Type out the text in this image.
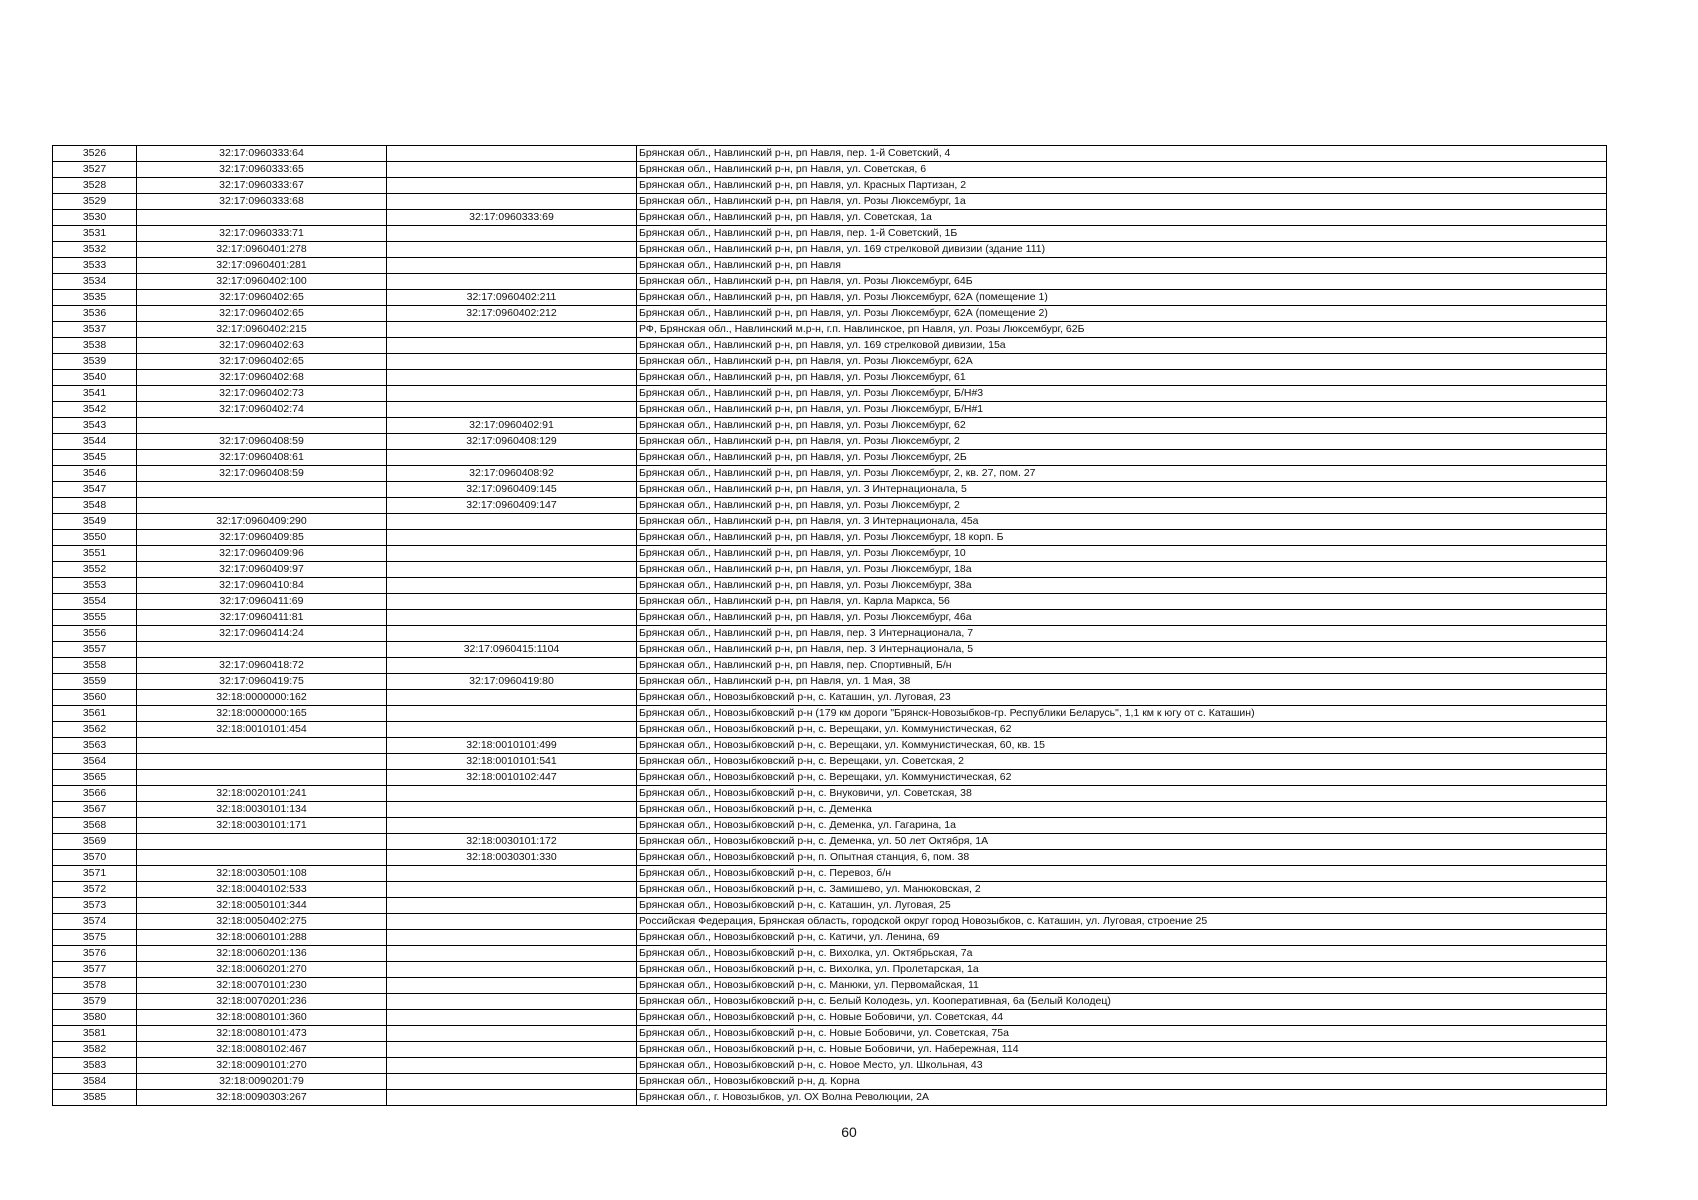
3526	32:17:0960333:64		Брянская обл., Навлинский р-н, рп Навля, пер. 1-й Советский, 4
3527	32:17:0960333:65		Брянская обл., Навлинский р-н, рп Навля, ул. Советская, 6
3528	32:17:0960333:67		Брянская обл., Навлинский р-н, рп Навля, ул. Красных Партизан, 2
3529	32:17:0960333:68		Брянская обл., Навлинский р-н, рп Навля, ул. Розы Люксембург, 1а
3530		32:17:0960333:69	Брянская обл., Навлинский р-н, рп Навля, ул. Советская, 1а
3531	32:17:0960333:71		Брянская обл., Навлинский р-н, рп Навля, пер. 1-й Советский, 1Б
3532	32:17:0960401:278		Брянская обл., Навлинский р-н, рп Навля, ул. 169 стрелковой дивизии (здание 111)
3533	32:17:0960401:281		Брянская обл., Навлинский р-н, рп Навля
3534	32:17:0960402:100		Брянская обл., Навлинский р-н, рп Навля, ул. Розы Люксембург, 64Б
3535	32:17:0960402:65	32:17:0960402:211	Брянская обл., Навлинский р-н, рп Навля, ул. Розы Люксембург, 62А (помещение 1)
3536	32:17:0960402:65	32:17:0960402:212	Брянская обл., Навлинский р-н, рп Навля, ул. Розы Люксембург, 62А (помещение 2)
3537	32:17:0960402:215		РФ, Брянская обл., Навлинский м.р-н, г.п. Навлинское, рп Навля, ул. Розы Люксембург, 62Б
3538	32:17:0960402:63		Брянская обл., Навлинский р-н, рп Навля, ул. 169 стрелковой дивизии, 15а
3539	32:17:0960402:65		Брянская обл., Навлинский р-н, рп Навля, ул. Розы Люксембург, 62А
3540	32:17:0960402:68		Брянская обл., Навлинский р-н, рп Навля, ул. Розы Люксембург, 61
3541	32:17:0960402:73		Брянская обл., Навлинский р-н, рп Навля, ул. Розы Люксембург, Б/Н#3
3542	32:17:0960402:74		Брянская обл., Навлинский р-н, рп Навля, ул. Розы Люксембург, Б/Н#1
3543		32:17:0960402:91	Брянская обл., Навлинский р-н, рп Навля, ул. Розы Люксембург, 62
3544	32:17:0960408:59	32:17:0960408:129	Брянская обл., Навлинский р-н, рп Навля, ул. Розы Люксембург, 2
3545	32:17:0960408:61		Брянская обл., Навлинский р-н, рп Навля, ул. Розы Люксембург, 2Б
3546	32:17:0960408:59	32:17:0960408:92	Брянская обл., Навлинский р-н, рп Навля, ул. Розы Люксембург, 2, кв. 27, пом. 27
3547		32:17:0960409:145	Брянская обл., Навлинский р-н, рп Навля, ул. 3 Интернационала, 5
3548		32:17:0960409:147	Брянская обл., Навлинский р-н, рп Навля, ул. Розы Люксембург, 2
3549	32:17:0960409:290		Брянская обл., Навлинский р-н, рп Навля, ул. 3 Интернационала, 45а
3550	32:17:0960409:85		Брянская обл., Навлинский р-н, рп Навля, ул. Розы Люксембург, 18 корп. Б
3551	32:17:0960409:96		Брянская обл., Навлинский р-н, рп Навля, ул. Розы Люксембург, 10
3552	32:17:0960409:97		Брянская обл., Навлинский р-н, рп Навля, ул. Розы Люксембург, 18а
3553	32:17:0960410:84		Брянская обл., Навлинский р-н, рп Навля, ул. Розы Люксембург, 38а
3554	32:17:0960411:69		Брянская обл., Навлинский р-н, рп Навля, ул. Карла Маркса, 56
3555	32:17:0960411:81		Брянская обл., Навлинский р-н, рп Навля, ул. Розы Люксембург, 46а
3556	32:17:0960414:24		Брянская обл., Навлинский р-н, рп Навля, пер. 3 Интернационала, 7
3557		32:17:0960415:1104	Брянская обл., Навлинский р-н, рп Навля, пер. 3 Интернационала, 5
3558	32:17:0960418:72		Брянская обл., Навлинский р-н, рп Навля, пер. Спортивный, Б/н
3559	32:17:0960419:75	32:17:0960419:80	Брянская обл., Навлинский р-н, рп Навля, ул. 1 Мая, 38
3560	32:18:0000000:162		Брянская обл., Новозыбковский р-н, с. Каташин, ул. Луговая, 23
3561	32:18:0000000:165		Брянская обл., Новозыбковский р-н (179 км дороги "Брянск-Новозыбков-гр. Республики Беларусь", 1,1 км к югу от с. Каташин)
3562	32:18:0010101:454		Брянская обл., Новозыбковский р-н, с. Верещаки, ул. Коммунистическая, 62
3563		32:18:0010101:499	Брянская обл., Новозыбковский р-н, с. Верещаки, ул. Коммунистическая, 60, кв. 15
3564		32:18:0010101:541	Брянская обл., Новозыбковский р-н, с. Верещаки, ул. Советская, 2
3565		32:18:0010102:447	Брянская обл., Новозыбковский р-н, с. Верещаки, ул. Коммунистическая, 62
3566	32:18:0020101:241		Брянская обл., Новозыбковский р-н, с. Внуковичи, ул. Советская, 38
3567	32:18:0030101:134		Брянская обл., Новозыбковский р-н, с. Деменка
3568	32:18:0030101:171		Брянская обл., Новозыбковский р-н, с. Деменка, ул. Гагарина, 1а
3569		32:18:0030101:172	Брянская обл., Новозыбковский р-н, с. Деменка, ул. 50 лет Октября, 1А
3570		32:18:0030301:330	Брянская обл., Новозыбковский р-н, п. Опытная станция, 6, пом. 38
3571	32:18:0030501:108		Брянская обл., Новозыбковский р-н, с. Перевоз, б/н
3572	32:18:0040102:533		Брянская обл., Новозыбковский р-н, с. Замишево, ул. Манюковская, 2
3573	32:18:0050101:344		Брянская обл., Новозыбковский р-н, с. Каташин, ул. Луговая, 25
3574	32:18:0050402:275		Российская Федерация, Брянская область, городской округ город Новозыбков, с. Каташин, ул. Луговая, строение 25
3575	32:18:0060101:288		Брянская обл., Новозыбковский р-н, с. Катичи, ул. Ленина, 69
3576	32:18:0060201:136		Брянская обл., Новозыбковский р-н, с. Вихолка, ул. Октябрьская, 7а
3577	32:18:0060201:270		Брянская обл., Новозыбковский р-н, с. Вихолка, ул. Пролетарская, 1а
3578	32:18:0070101:230		Брянская обл., Новозыбковский р-н, с. Манюки, ул. Первомайская, 11
3579	32:18:0070201:236		Брянская обл., Новозыбковский р-н, с. Белый Колодезь, ул. Кооперативная, 6а (Белый Колодец)
3580	32:18:0080101:360		Брянская обл., Новозыбковский р-н, с. Новые Бобовичи, ул. Советская, 44
3581	32:18:0080101:473		Брянская обл., Новозыбковский р-н, с. Новые Бобовичи, ул. Советская, 75а
3582	32:18:0080102:467		Брянская обл., Новозыбковский р-н, с. Новые Бобовичи, ул. Набережная, 114
3583	32:18:0090101:270		Брянская обл., Новозыбковский р-н, с. Новое Место, ул. Школьная, 43
3584	32:18:0090201:79		Брянская обл., Новозыбковский р-н, д. Корна
3585	32:18:0090303:267		Брянская обл., г. Новозыбков, ул. ОХ Волна Революции, 2А
60
